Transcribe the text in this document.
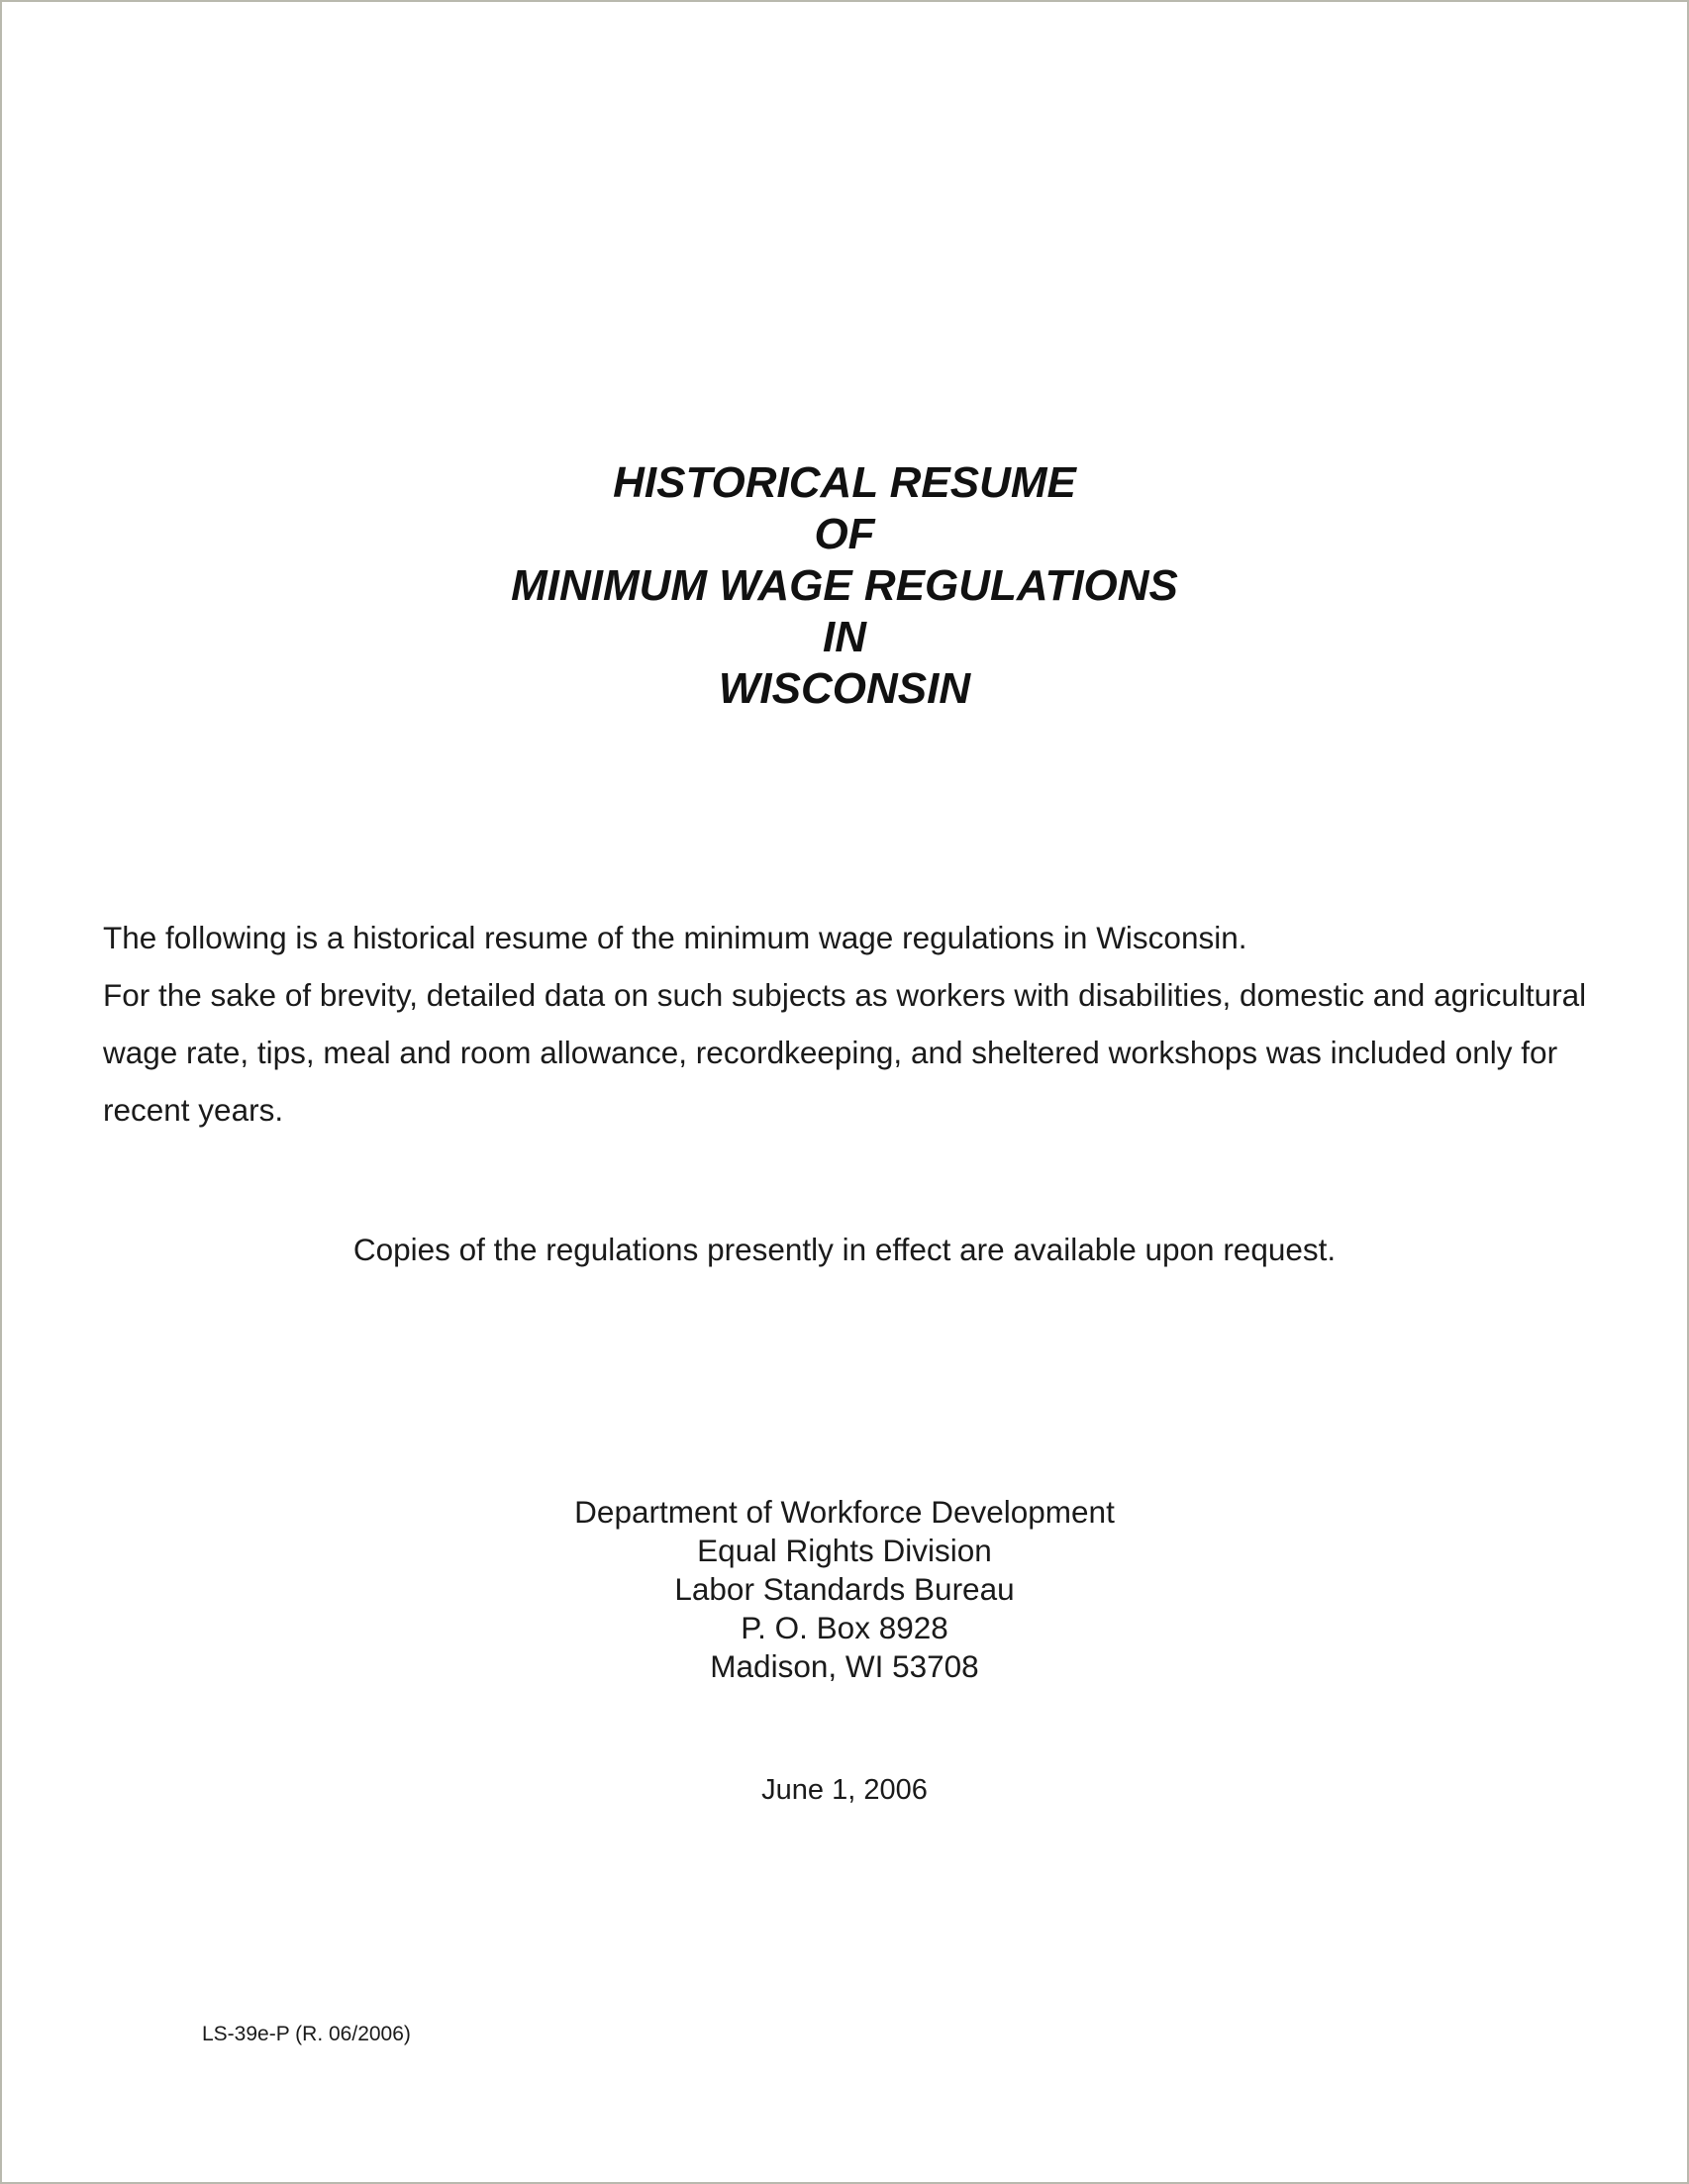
HISTORICAL RESUME
OF
MINIMUM WAGE REGULATIONS
IN
WISCONSIN

The following is a historical resume of the minimum wage regulations in Wisconsin.

For the sake of brevity, detailed data on such subjects as workers with disabilities, domestic and agricultural wage rate, tips, meal and room allowance, recordkeeping, and sheltered workshops was included only for recent years.

Copies of the regulations presently in effect are available upon request.
Department of Workforce Development
Equal Rights Division
Labor Standards Bureau
P. O. Box 8928
Madison, WI 53708
June 1, 2006
LS-39e-P (R. 06/2006)
